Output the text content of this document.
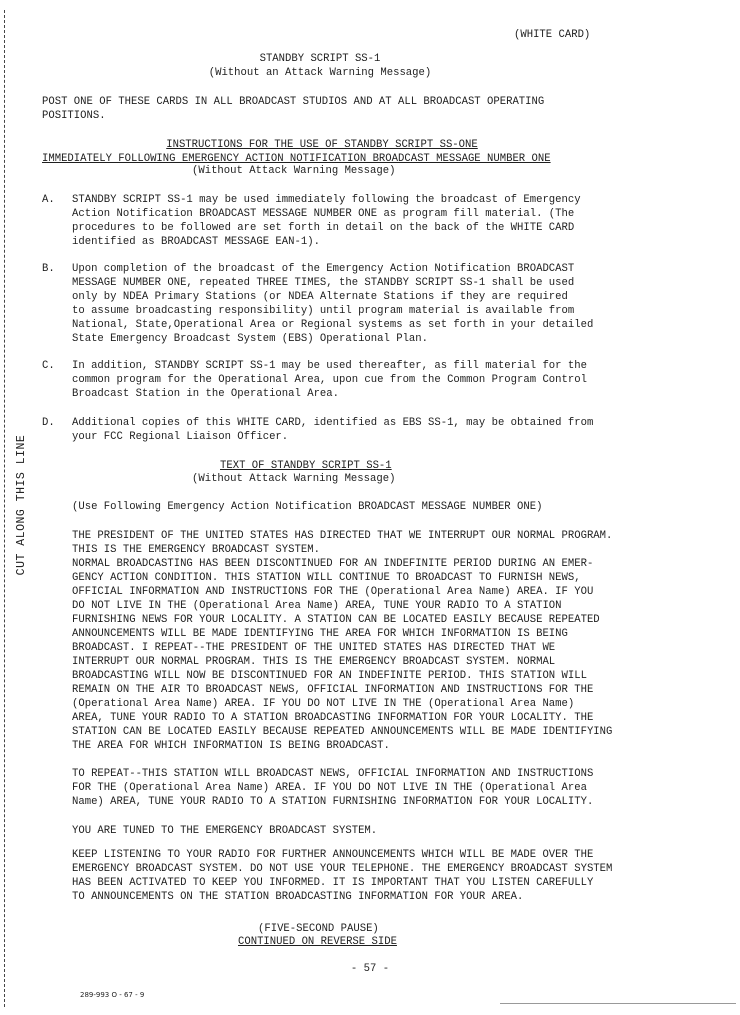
CUT ALONG THIS LINE
(WHITE CARD)
STANDBY SCRIPT SS-1
(Without an Attack Warning Message)
POST ONE OF THESE CARDS IN ALL BROADCAST STUDIOS AND AT ALL BROADCAST OPERATING
POSITIONS.
INSTRUCTIONS FOR THE USE OF STANDBY SCRIPT SS-ONE
IMMEDIATELY FOLLOWING EMERGENCY ACTION NOTIFICATION BROADCAST MESSAGE NUMBER ONE
(Without Attack Warning Message)
A. STANDBY SCRIPT SS-1 may be used immediately following the broadcast of Emergency
Action Notification BROADCAST MESSAGE NUMBER ONE as program fill material. (The
procedures to be followed are set forth in detail on the back of the WHITE CARD
identified as BROADCAST MESSAGE EAN-1).
B. Upon completion of the broadcast of the Emergency Action Notification BROADCAST
MESSAGE NUMBER ONE, repeated THREE TIMES, the STANDBY SCRIPT SS-1 shall be used
only by NDEA Primary Stations (or NDEA Alternate Stations if they are required
to assume broadcasting responsibility) until program material is available from
National, State,Operational Area or Regional systems as set forth in your detailed
State Emergency Broadcast System (EBS) Operational Plan.
C. In addition, STANDBY SCRIPT SS-1 may be used thereafter, as fill material for the
common program for the Operational Area, upon cue from the Common Program Control
Broadcast Station in the Operational Area.
D. Additional copies of this WHITE CARD, identified as EBS SS-1, may be obtained from
your FCC Regional Liaison Officer.
TEXT OF STANDBY SCRIPT SS-1
(Without Attack Warning Message)
(Use Following Emergency Action Notification BROADCAST MESSAGE NUMBER ONE)
THE PRESIDENT OF THE UNITED STATES HAS DIRECTED THAT WE INTERRUPT OUR NORMAL PROGRAM.
THIS IS THE EMERGENCY BROADCAST SYSTEM.
NORMAL BROADCASTING HAS BEEN DISCONTINUED FOR AN INDEFINITE PERIOD DURING AN EMER-
GENCY ACTION CONDITION. THIS STATION WILL CONTINUE TO BROADCAST TO FURNISH NEWS,
OFFICIAL INFORMATION AND INSTRUCTIONS FOR THE (Operational Area Name) AREA. IF YOU
DO NOT LIVE IN THE (Operational Area Name) AREA, TUNE YOUR RADIO TO A STATION
FURNISHING NEWS FOR YOUR LOCALITY. A STATION CAN BE LOCATED EASILY BECAUSE REPEATED
ANNOUNCEMENTS WILL BE MADE IDENTIFYING THE AREA FOR WHICH INFORMATION IS BEING
BROADCAST. I REPEAT--THE PRESIDENT OF THE UNITED STATES HAS DIRECTED THAT WE
INTERRUPT OUR NORMAL PROGRAM. THIS IS THE EMERGENCY BROADCAST SYSTEM. NORMAL
BROADCASTING WILL NOW BE DISCONTINUED FOR AN INDEFINITE PERIOD. THIS STATION WILL
REMAIN ON THE AIR TO BROADCAST NEWS, OFFICIAL INFORMATION AND INSTRUCTIONS FOR THE
(Operational Area Name) AREA. IF YOU DO NOT LIVE IN THE (Operational Area Name)
AREA, TUNE YOUR RADIO TO A STATION BROADCASTING INFORMATION FOR YOUR LOCALITY. THE
STATION CAN BE LOCATED EASILY BECAUSE REPEATED ANNOUNCEMENTS WILL BE MADE IDENTIFYING
THE AREA FOR WHICH INFORMATION IS BEING BROADCAST.
TO REPEAT--THIS STATION WILL BROADCAST NEWS, OFFICIAL INFORMATION AND INSTRUCTIONS
FOR THE (Operational Area Name) AREA. IF YOU DO NOT LIVE IN THE (Operational Area
Name) AREA, TUNE YOUR RADIO TO A STATION FURNISHING INFORMATION FOR YOUR LOCALITY.
YOU ARE TUNED TO THE EMERGENCY BROADCAST SYSTEM.
KEEP LISTENING TO YOUR RADIO FOR FURTHER ANNOUNCEMENTS WHICH WILL BE MADE OVER THE
EMERGENCY BROADCAST SYSTEM. DO NOT USE YOUR TELEPHONE. THE EMERGENCY BROADCAST SYSTEM
HAS BEEN ACTIVATED TO KEEP YOU INFORMED. IT IS IMPORTANT THAT YOU LISTEN CAREFULLY
TO ANNOUNCEMENTS ON THE STATION BROADCASTING INFORMATION FOR YOUR AREA.
(FIVE-SECOND PAUSE)
CONTINUED ON REVERSE SIDE
- 57 -
289-993 O - 67 - 9
